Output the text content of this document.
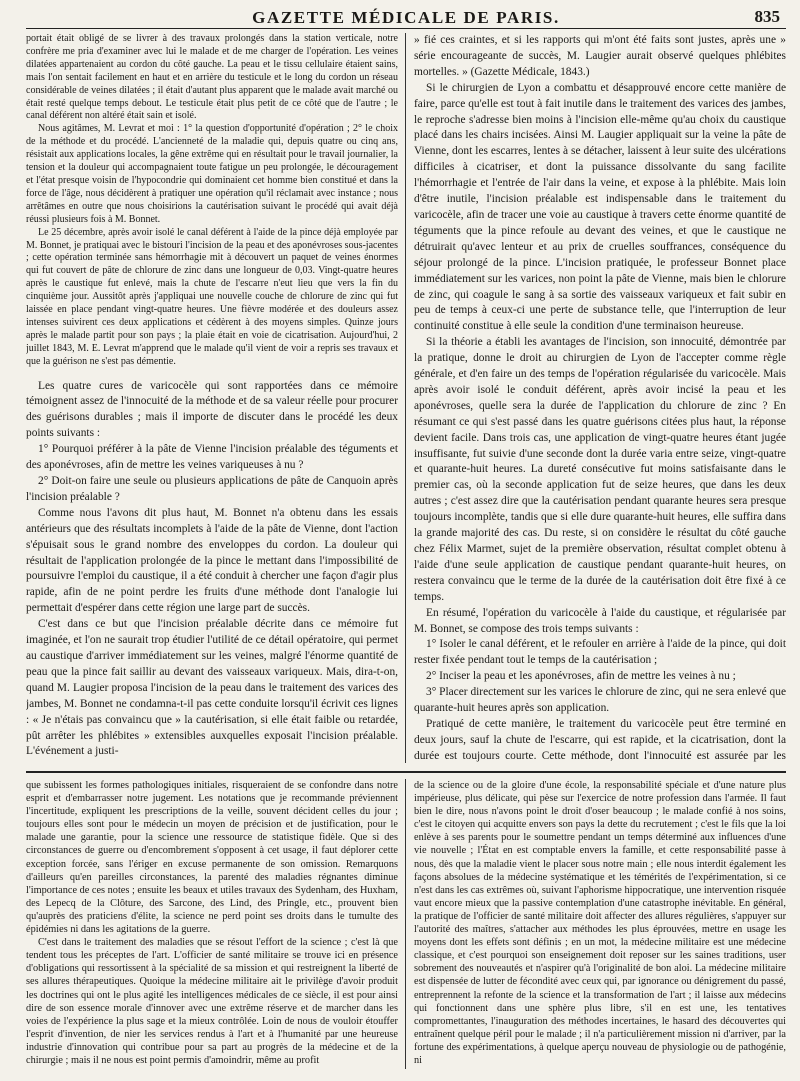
GAZETTE MÉDICALE DE PARIS.	835

portait était obligé de se livrer à des travaux prolongés dans la station verticale, notre confrère me pria d'examiner avec lui le malade et de me charger de l'opération. Les veines dilatées appartenaient au cordon du côté gauche. La peau et le tissu cellulaire étaient sains, mais l'on sentait facilement en haut et en arrière du testicule et le long du cordon un réseau considérable de veines dilatées ; il était d'autant plus apparent que le malade avait marché ou était resté quelque temps debout. Le testicule était plus petit de ce côté que de l'autre ; le canal déférent non altéré était sain et isolé.

Nous agitâmes, M. Levrat et moi : 1° la question d'opportunité d'opération ; 2° le choix de la méthode et du procédé. L'ancienneté de la maladie qui, depuis quatre ou cinq ans, résistait aux applications locales, la gêne extrême qui en résultait pour le travail journalier, la tension et la douleur qui accompagnaient toute fatigue un peu prolongée, le découragement et l'état presque voisin de l'hypocondrie qui dominaient cet homme bien constitué et dans la force de l'âge, nous décidèrent à pratiquer une opération qu'il réclamait avec instance ; nous arrêtâmes en outre que nous choisirions la cautérisation suivant le procédé qui avait déjà réussi plusieurs fois à M. Bonnet.

Le 25 décembre, après avoir isolé le canal déférent à l'aide de la pince déjà employée par M. Bonnet, je pratiquai avec le bistouri l'incision de la peau et des aponévroses sous-jacentes ; cette opération terminée sans hémorrhagie mit à découvert un paquet de veines énormes qui fut couvert de pâte de chlorure de zinc dans une longueur de 0,03. Vingt-quatre heures après le caustique fut enlevé, mais la chute de l'escarre n'eut lieu que vers la fin du cinquième jour. Aussitôt après j'appliquai une nouvelle couche de chlorure de zinc qui fut laissée en place pendant vingt-quatre heures. Une fièvre modérée et des douleurs assez intenses suivirent ces deux applications et cédèrent à des moyens simples. Quinze jours après le malade partit pour son pays ; la plaie était en voie de cicatrisation. Aujourd'hui, 2 juillet 1843, M. E. Levrat m'apprend que le malade qu'il vient de voir a repris ses travaux et que la guérison ne s'est pas démentie.

Les quatre cures de varicocèle qui sont rapportées dans ce mémoire témoignent assez de l'innocuité de la méthode et de sa valeur réelle pour procurer des guérisons durables ; mais il importe de discuter dans le procédé les deux points suivants :

1° Pourquoi préférer à la pâte de Vienne l'incision préalable des téguments et des aponévroses, afin de mettre les veines variqueuses à nu ?

2° Doit-on faire une seule ou plusieurs applications de pâte de Canquoin après l'incision préalable ?

Comme nous l'avons dit plus haut, M. Bonnet n'a obtenu dans les essais antérieurs que des résultats incomplets à l'aide de la pâte de Vienne, dont l'action s'épuisait sous le grand nombre des enveloppes du cordon. La douleur qui résultait de l'application prolongée de la pince le mettant dans l'impossibilité de poursuivre l'emploi du caustique, il a été conduit à chercher une façon d'agir plus rapide, afin de ne point perdre les fruits d'une méthode dont l'analogie lui permettait d'espérer dans cette région une large part de succès.

C'est dans ce but que l'incision préalable décrite dans ce mémoire fut imaginée, et l'on ne saurait trop étudier l'utilité de ce détail opératoire, qui permet au caustique d'arriver immédiatement sur les veines, malgré l'énorme quantité de peau que la pince fait saillir au devant des vaisseaux variqueux. Mais, dira-t-on, quand M. Laugier proposa l'incision de la peau dans le traitement des varices des jambes, M. Bonnet ne condamna-t-il pas cette conduite lorsqu'il écrivit ces lignes : « Je n'étais pas convaincu que » la cautérisation, si elle était faible ou retardée, pût arrêter les phlébites » extensibles auxquelles exposait l'incision préalable. L'événement a justi-

» fié ces craintes, et si les rapports qui m'ont été faits sont justes, après une » série encourageante de succès, M. Laugier aurait observé quelques phlébites mortelles. » (Gazette Médicale, 1843.)

Si le chirurgien de Lyon a combattu et désapprouvé encore cette manière de faire, parce qu'elle est tout à fait inutile dans le traitement des varices des jambes, le reproche s'adresse bien moins à l'incision elle-même qu'au choix du caustique placé dans les chairs incisées. Ainsi M. Laugier appliquait sur la veine la pâte de Vienne, dont les escarres, lentes à se détacher, laissent à leur suite des ulcérations difficiles à cicatriser, et dont la puissance dissolvante du sang facilite l'hémorrhagie et l'entrée de l'air dans la veine, et expose à la phlébite. Mais loin d'être inutile, l'incision préalable est indispensable dans le traitement du varicocèle, afin de tracer une voie au caustique à travers cette énorme quantité de téguments que la pince refoule au devant des veines, et que le caustique ne détruirait qu'avec lenteur et au prix de cruelles souffrances, conséquence du séjour prolongé de la pince. L'incision pratiquée, le professeur Bonnet place immédiatement sur les varices, non point la pâte de Vienne, mais bien le chlorure de zinc, qui coagule le sang à sa sortie des vaisseaux variqueux et fait subir en peu de temps à ceux-ci une perte de substance telle, que l'interruption de leur continuité constitue à elle seule la condition d'une terminaison heureuse.

Si la théorie a établi les avantages de l'incision, son innocuité, démontrée par la pratique, donne le droit au chirurgien de Lyon de l'accepter comme règle générale, et d'en faire un des temps de l'opération régularisée du varicocèle. Mais après avoir isolé le conduit déférent, après avoir incisé la peau et les aponévroses, quelle sera la durée de l'application du chlorure de zinc ? En résumant ce qui s'est passé dans les quatre guérisons citées plus haut, la réponse devient facile. Dans trois cas, une application de vingt-quatre heures étant jugée insuffisante, fut suivie d'une seconde dont la durée varia entre seize, vingt-quatre et quarante-huit heures. La dureté consécutive fut moins satisfaisante dans le premier cas, où la seconde application fut de seize heures, que dans les deux autres ; c'est assez dire que la cautérisation pendant quarante heures sera presque toujours incomplète, tandis que si elle dure quarante-huit heures, elle suffira dans la grande majorité des cas. Du reste, si on considère le résultat du côté gauche chez Félix Marmet, sujet de la première observation, résultat complet obtenu à l'aide d'une seule application de caustique pendant quarante-huit heures, on restera convaincu que le terme de la durée de la cautérisation doit être fixé à ce temps.

En résumé, l'opération du varicocèle à l'aide du caustique, et régularisée par M. Bonnet, se compose des trois temps suivants :

1° Isoler le canal déférent, et le refouler en arrière à l'aide de la pince, qui doit rester fixée pendant tout le temps de la cautérisation ;

2° Inciser la peau et les aponévroses, afin de mettre les veines à nu ;

3° Placer directement sur les varices le chlorure de zinc, qui ne sera enlevé que quarante-huit heures après son application.

Pratiqué de cette manière, le traitement du varicocèle peut être terminé en deux jours, sauf la chute de l'escarre, qui est rapide, et la cicatrisation, dont la durée est toujours courte. Cette méthode, dont l'innocuité est assurée par les

que subissent les formes pathologiques initiales, risqueraient de se confondre dans notre esprit et d'embarrasser notre jugement. Les notations que je recommande préviennent l'incertitude, expliquent les prescriptions de la veille, souvent décident celles du jour ; toujours elles sont pour le médecin un moyen de précision et de justification, pour le malade une garantie, pour la science une ressource de statistique fidèle. Que si des circonstances de guerre ou d'encombrement s'opposent à cet usage, il faut déplorer cette exception forcée, sans l'ériger en excuse permanente de son omission. Remarquons d'ailleurs qu'en pareilles circonstances, la parenté des maladies régnantes diminue l'importance de ces notes ; ensuite les beaux et utiles travaux des Sydenham, des Huxham, des Lepecq de la Clôture, des Sarcone, des Lind, des Pringle, etc., prouvent bien qu'auprès des praticiens d'élite, la science ne perd point ses droits dans le tumulte des épidémies ni dans les agitations de la guerre.

C'est dans le traitement des maladies que se résout l'effort de la science ; c'est là que tendent tous les préceptes de l'art. L'officier de santé militaire se trouve ici en présence d'obligations qui ressortissent à la spécialité de sa mission et qui restreignent la liberté de ses allures thérapeutiques. Quoique la médecine militaire ait le privilège d'avoir produit les doctrines qui ont le plus agité les intelligences médicales de ce siècle, il est pour ainsi dire de son essence morale d'innover avec une extrême réserve et de marcher dans les voies de l'expérience la plus sage et la mieux contrôlée. Loin de nous de vouloir étouffer l'esprit d'invention, de nier les services rendus à l'art et à l'humanité par une heureuse industrie d'innovation qui contribue pour sa part au progrès de la médecine et de la chirurgie ; mais il ne nous est point permis d'amoindrir, même au profit

de la science ou de la gloire d'une école, la responsabilité spéciale et d'une nature plus impérieuse, plus délicate, qui pèse sur l'exercice de notre profession dans l'armée. Il faut bien le dire, nous n'avons point le droit d'oser beaucoup ; le malade confié à nos soins, c'est le citoyen qui acquitte envers son pays la dette du recrutement ; c'est le fils que la loi enlève à ses parents pour le soumettre pendant un temps déterminé aux influences d'une vie nouvelle ; l'État en est comptable envers la famille, et cette responsabilité passe à nous, dès que la maladie vient le placer sous notre main ; elle nous interdit également les façons absolues de la médecine systématique et les témérités de l'expérimentation, si ce n'est dans les cas extrêmes où, suivant l'aphorisme hippocratique, une intervention risquée vaut encore mieux que la passive contemplation d'une catastrophe inévitable. En général, la pratique de l'officier de santé militaire doit affecter des allures régulières, s'appuyer sur l'autorité des maîtres, s'attacher aux méthodes les plus éprouvées, mettre en usage les moyens dont les effets sont définis ; en un mot, la médecine militaire est une médecine classique, et c'est pourquoi son enseignement doit reposer sur les saines traditions, user sobrement des nouveautés et n'aspirer qu'à l'originalité de bon aloi. La médecine militaire est dispensée de lutter de fécondité avec ceux qui, par ignorance ou dénigrement du passé, entreprennent la refonte de la science et la transformation de l'art ; il laisse aux médecins qui fonctionnent dans une sphère plus libre, s'il en est une, les tentatives compromettantes, l'inauguration des méthodes incertaines, le hasard des découvertes qui entraînent quelque péril pour le malade ; il n'a particulièrement mission ni d'arriver, par la fortune des expérimentations, à quelque aperçu nouveau de physiologie ou de pathogénie, ni
